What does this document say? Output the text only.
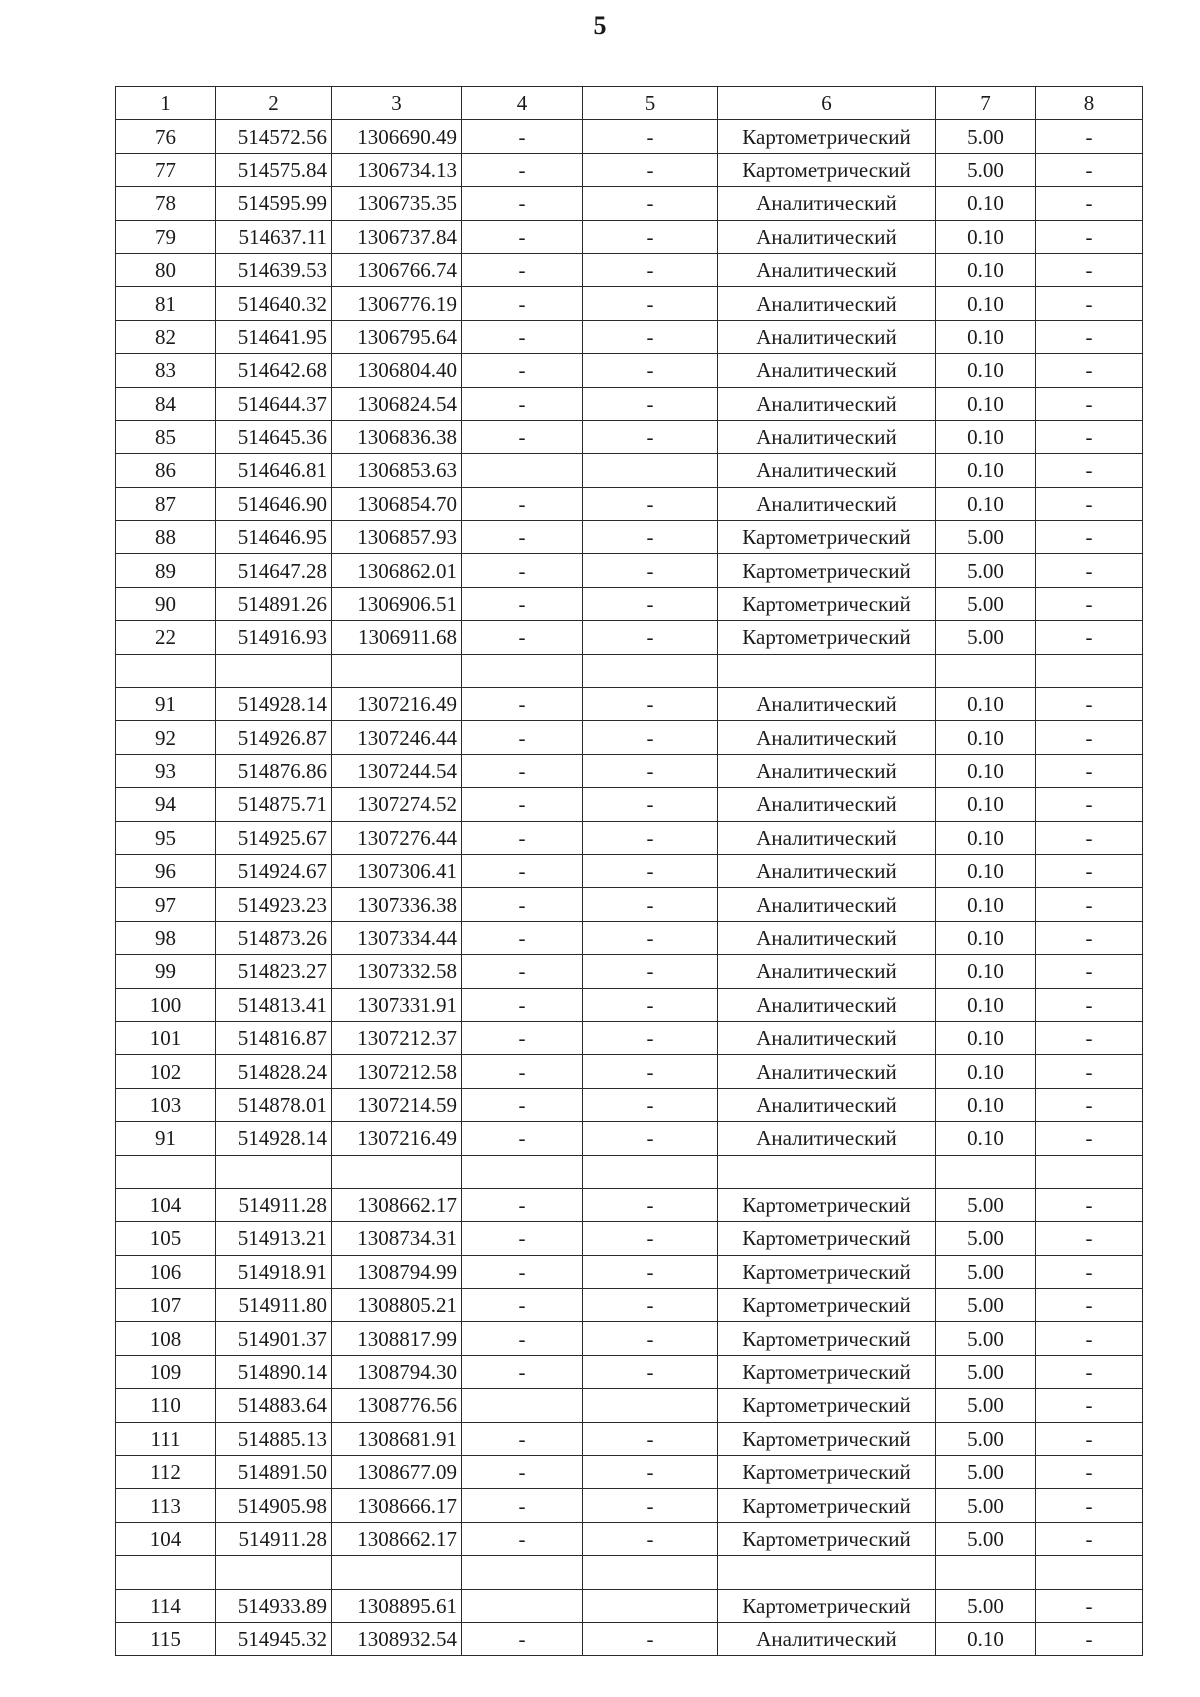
5
1	2	3	4	5	6	7	8
76	514572.56	1306690.49	-	-	Картометрический	5.00	-
77	514575.84	1306734.13	-	-	Картометрический	5.00	-
78	514595.99	1306735.35	-	-	Аналитический	0.10	-
79	514637.11	1306737.84	-	-	Аналитический	0.10	-
80	514639.53	1306766.74	-	-	Аналитический	0.10	-
81	514640.32	1306776.19	-	-	Аналитический	0.10	-
82	514641.95	1306795.64	-	-	Аналитический	0.10	-
83	514642.68	1306804.40	-	-	Аналитический	0.10	-
84	514644.37	1306824.54	-	-	Аналитический	0.10	-
85	514645.36	1306836.38	-	-	Аналитический	0.10	-
86	514646.81	1306853.63			Аналитический	0.10	-
87	514646.90	1306854.70	-	-	Аналитический	0.10	-
88	514646.95	1306857.93	-	-	Картометрический	5.00	-
89	514647.28	1306862.01	-	-	Картометрический	5.00	-
90	514891.26	1306906.51	-	-	Картометрический	5.00	-
22	514916.93	1306911.68	-	-	Картометрический	5.00	-

91	514928.14	1307216.49	-	-	Аналитический	0.10	-
92	514926.87	1307246.44	-	-	Аналитический	0.10	-
93	514876.86	1307244.54	-	-	Аналитический	0.10	-
94	514875.71	1307274.52	-	-	Аналитический	0.10	-
95	514925.67	1307276.44	-	-	Аналитический	0.10	-
96	514924.67	1307306.41	-	-	Аналитический	0.10	-
97	514923.23	1307336.38	-	-	Аналитический	0.10	-
98	514873.26	1307334.44	-	-	Аналитический	0.10	-
99	514823.27	1307332.58	-	-	Аналитический	0.10	-
100	514813.41	1307331.91	-	-	Аналитический	0.10	-
101	514816.87	1307212.37	-	-	Аналитический	0.10	-
102	514828.24	1307212.58	-	-	Аналитический	0.10	-
103	514878.01	1307214.59	-	-	Аналитический	0.10	-
91	514928.14	1307216.49	-	-	Аналитический	0.10	-

104	514911.28	1308662.17	-	-	Картометрический	5.00	-
105	514913.21	1308734.31	-	-	Картометрический	5.00	-
106	514918.91	1308794.99	-	-	Картометрический	5.00	-
107	514911.80	1308805.21	-	-	Картометрический	5.00	-
108	514901.37	1308817.99	-	-	Картометрический	5.00	-
109	514890.14	1308794.30	-	-	Картометрический	5.00	-
110	514883.64	1308776.56			Картометрический	5.00	-
111	514885.13	1308681.91	-	-	Картометрический	5.00	-
112	514891.50	1308677.09	-	-	Картометрический	5.00	-
113	514905.98	1308666.17	-	-	Картометрический	5.00	-
104	514911.28	1308662.17	-	-	Картометрический	5.00	-

114	514933.89	1308895.61			Картометрический	5.00	-
115	514945.32	1308932.54	-	-	Аналитический	0.10	-
